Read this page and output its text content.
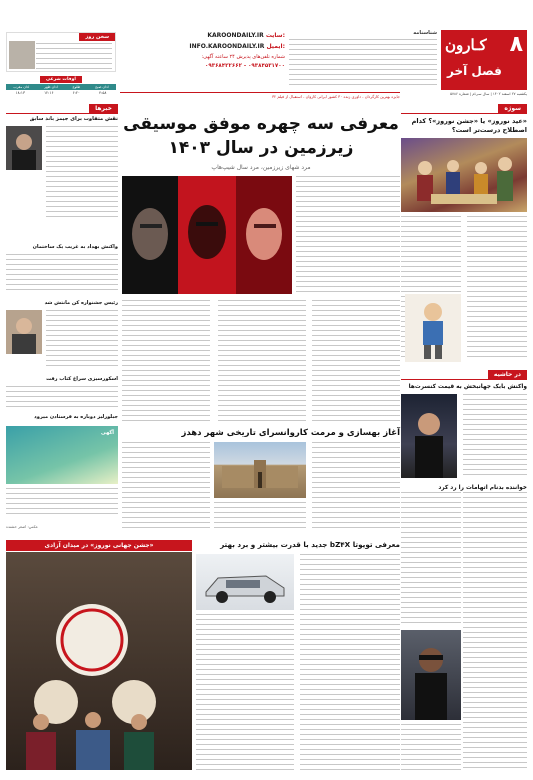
۸
کـارون
فصل آخر
یکشنبه ۲۷ اسفند ۱۴۰۲ | سال سی‌ام | شماره ۵۷۸۶
شناسنامه
KAROONDAILY.IR سایت:
INFO.KAROONDAILY.IR ایمیل:
شماره تلفن‌های پذیرش ۲۴ ساعته آگهی:
۰۹۳۸۴۵۳۱۷۰۰ - ۰۹۳۶۸۴۲۲۶۶۲
سخن روز
اوقات شرعی
اذان صبح
طلوع
اذان ظهر
اذان مغرب
۴:۵۸
۶:۲۰
۱۲:۱۶
۱۸:۱۳
جایزه بهترین کارگردان - داوری زنده ۳۰ کشور ایرانی کاروان - استقبال از فیلم ۳۲
سوژه
«عید نوروز» یا «جشن نوروز»؟ کدام اصطلاح درست‌تر است؟
در حاشیه
واکنش بابک جهانبخش به قیمت کنسرت‌ها
خواننده بدنام اتهامات را رد کرد
معرفی سه چهره موفق موسیقی
زیرزمین در سال ۱۴۰۳
مرد شهای زیرزمین، مرد سال شیپ‌هاپ
آغاز بهسازی و مرمت کاروانسرای تاریخی شهر دهدز
معرفی تویوتا bZ۴X جدید با قدرت بیشتر و برد بهتر
«جشن جهانی نوروز» در میدان آزادی
خبرها
نقش متفاوت برای جیمز باند سابق
واکنش بهداد به غریب یک ساختمان
رئیس جشنواره کن مانتش شد
اسکورسیزی سراغ کتاب رفت
جبلورلیز دوباره به فرستادن میرود
آگهی
عکس: اصغر خشنده
